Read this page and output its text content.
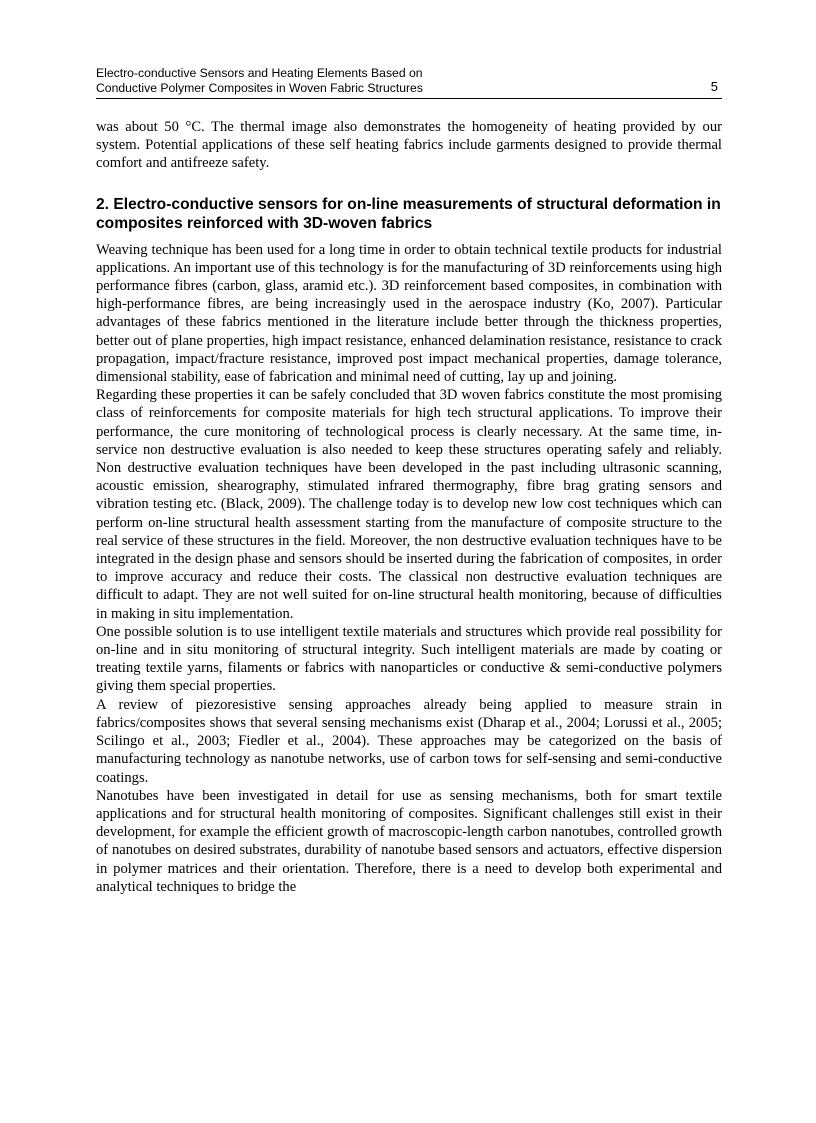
Electro-conductive Sensors and Heating Elements Based on
Conductive Polymer Composites in Woven Fabric Structures	5

was about 50 °C. The thermal image also demonstrates the homogeneity of heating provided by our system. Potential applications of these self heating fabrics include garments designed to provide thermal comfort and antifreeze safety.

2. Electro-conductive sensors for on-line measurements of structural deformation in composites reinforced with 3D-woven fabrics

Weaving technique has been used for a long time in order to obtain technical textile products for industrial applications. An important use of this technology is for the manufacturing of 3D reinforcements using high performance fibres (carbon, glass, aramid etc.). 3D reinforcement based composites, in combination with high-performance fibres, are being increasingly used in the aerospace industry (Ko, 2007). Particular advantages of these fabrics mentioned in the literature include better through the thickness properties, better out of plane properties, high impact resistance, enhanced delamination resistance, resistance to crack propagation, impact/fracture resistance, improved post impact mechanical properties, damage tolerance, dimensional stability, ease of fabrication and minimal need of cutting, lay up and joining.

Regarding these properties it can be safely concluded that 3D woven fabrics constitute the most promising class of reinforcements for composite materials for high tech structural applications. To improve their performance, the cure monitoring of technological process is clearly necessary. At the same time, in-service non destructive evaluation is also needed to keep these structures operating safely and reliably. Non destructive evaluation techniques have been developed in the past including ultrasonic scanning, acoustic emission, shearography, stimulated infrared thermography, fibre brag grating sensors and vibration testing etc. (Black, 2009). The challenge today is to develop new low cost techniques which can perform on-line structural health assessment starting from the manufacture of composite structure to the real service of these structures in the field. Moreover, the non destructive evaluation techniques have to be integrated in the design phase and sensors should be inserted during the fabrication of composites, in order to improve accuracy and reduce their costs. The classical non destructive evaluation techniques are difficult to adapt. They are not well suited for on-line structural health monitoring, because of difficulties in making in situ implementation.

One possible solution is to use intelligent textile materials and structures which provide real possibility for on-line and in situ monitoring of structural integrity. Such intelligent materials are made by coating or treating textile yarns, filaments or fabrics with nanoparticles or conductive & semi-conductive polymers giving them special properties.

A review of piezoresistive sensing approaches already being applied to measure strain in fabrics/composites shows that several sensing mechanisms exist (Dharap et al., 2004; Lorussi et al., 2005; Scilingo et al., 2003; Fiedler et al., 2004). These approaches may be categorized on the basis of manufacturing technology as nanotube networks, use of carbon tows for self-sensing and semi-conductive coatings.

Nanotubes have been investigated in detail for use as sensing mechanisms, both for smart textile applications and for structural health monitoring of composites. Significant challenges still exist in their development, for example the efficient growth of macroscopic-length carbon nanotubes, controlled growth of nanotubes on desired substrates, durability of nanotube based sensors and actuators, effective dispersion in polymer matrices and their orientation. Therefore, there is a need to develop both experimental and analytical techniques to bridge the
